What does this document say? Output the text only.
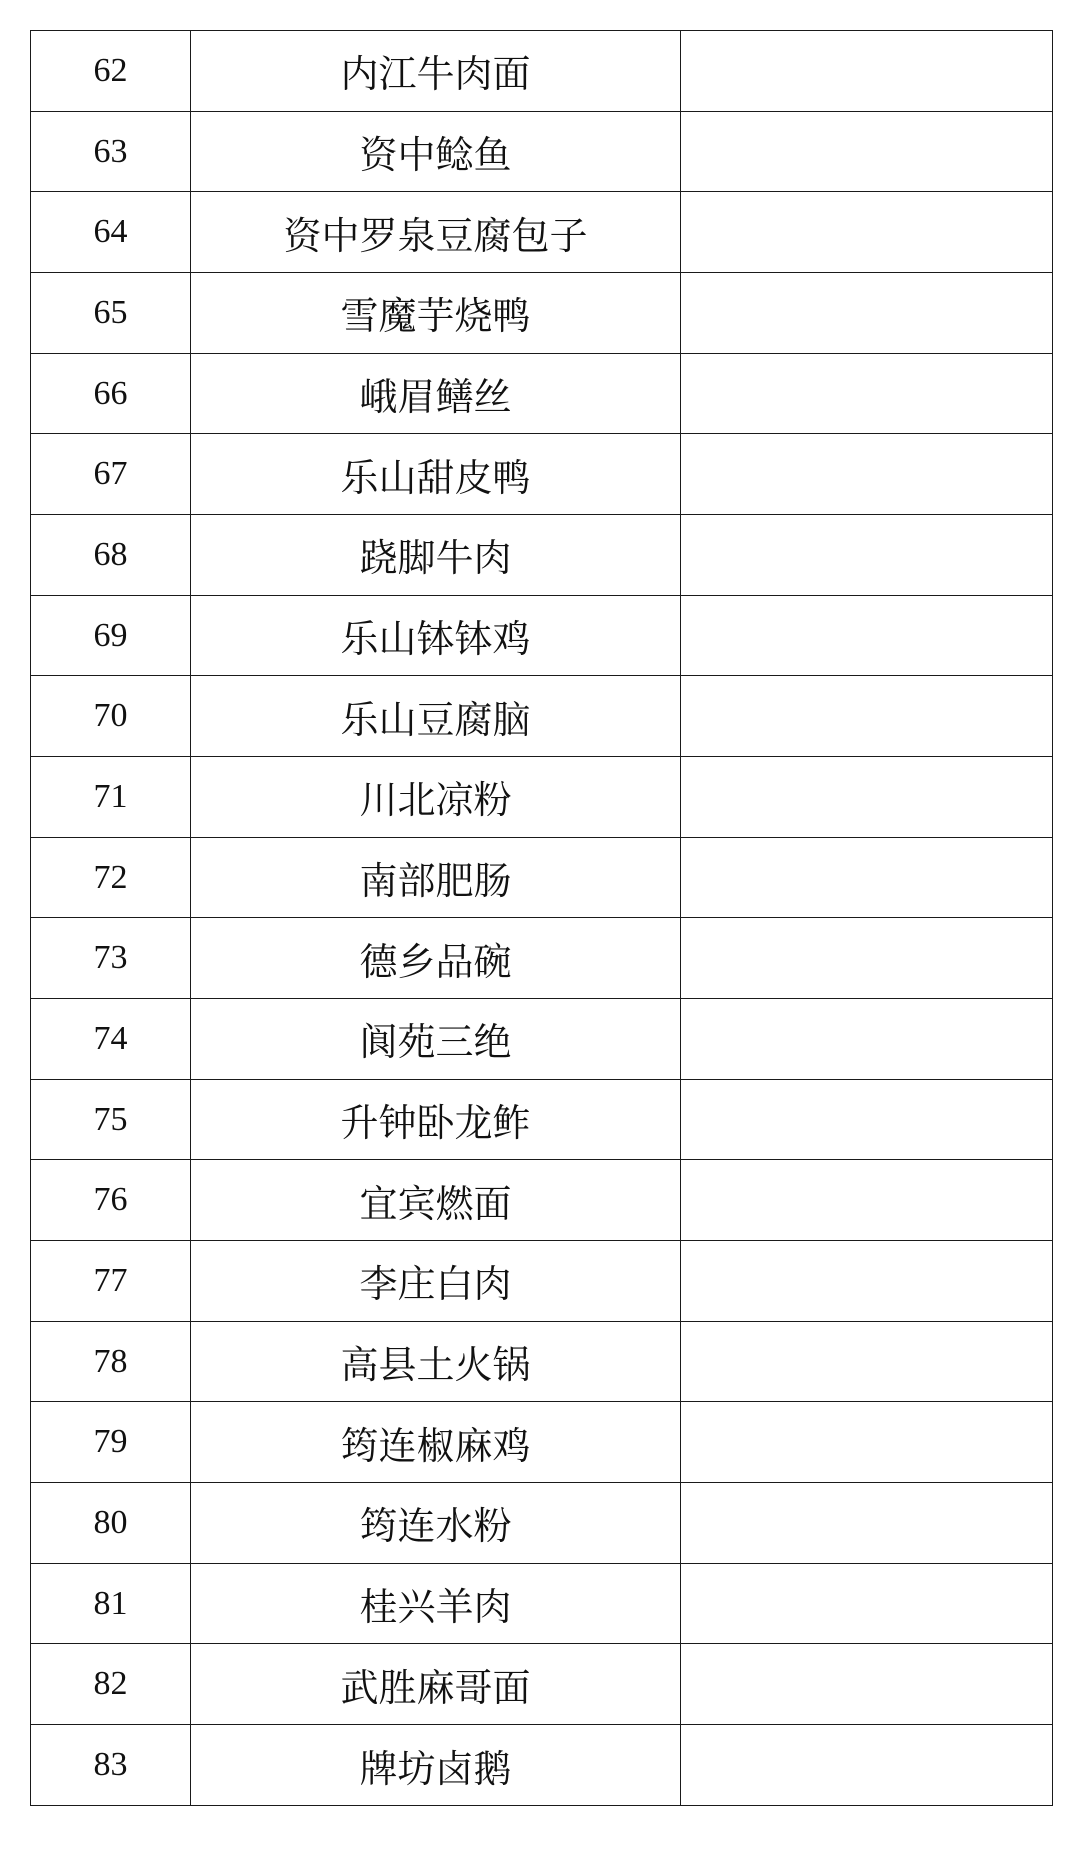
62	内江牛肉面	
63	资中鲶鱼	
64	资中罗泉豆腐包子	
65	雪魔芋烧鸭	
66	峨眉鳝丝	
67	乐山甜皮鸭	
68	跷脚牛肉	
69	乐山钵钵鸡	
70	乐山豆腐脑	
71	川北凉粉	
72	南部肥肠	
73	德乡品碗	
74	阆苑三绝	
75	升钟卧龙鲊	
76	宜宾燃面	
77	李庄白肉	
78	高县土火锅	
79	筠连椒麻鸡	
80	筠连水粉	
81	桂兴羊肉	
82	武胜麻哥面	
83	牌坊卤鹅	
